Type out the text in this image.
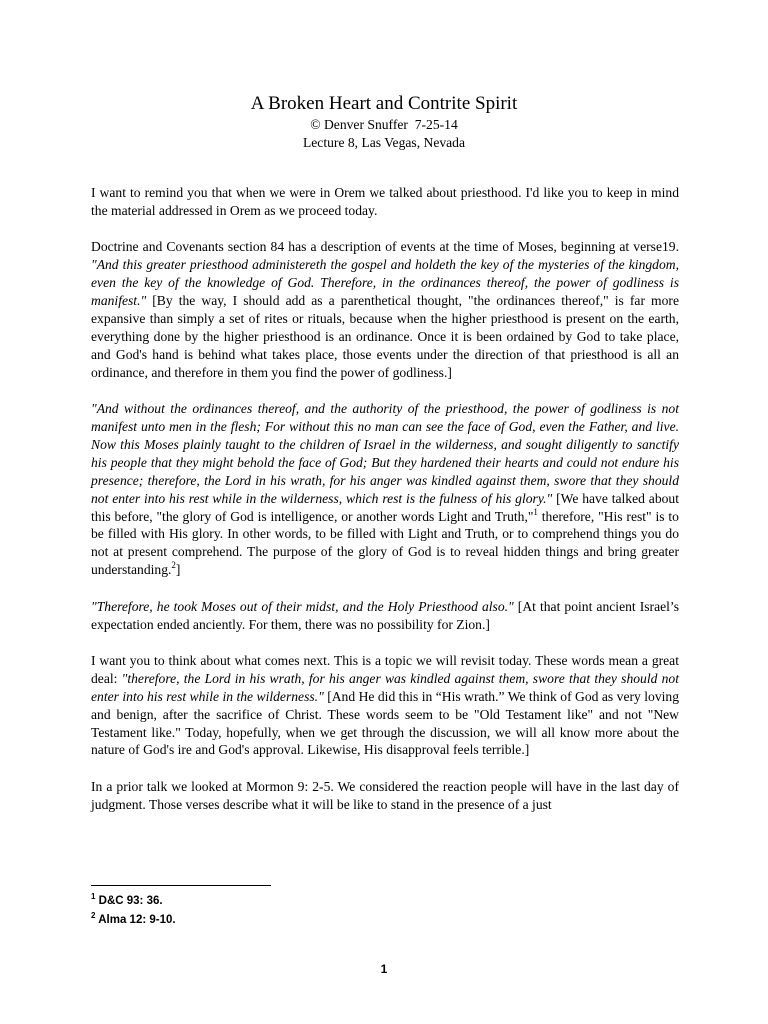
A Broken Heart and Contrite Spirit
© Denver Snuffer  7-25-14
Lecture 8, Las Vegas, Nevada

I want to remind you that when we were in Orem we talked about priesthood. I'd like you to keep in mind the material addressed in Orem as we proceed today.

Doctrine and Covenants section 84 has a description of events at the time of Moses, beginning at verse19. "And this greater priesthood administereth the gospel and holdeth the key of the mysteries of the kingdom, even the key of the knowledge of God. Therefore, in the ordinances thereof, the power of godliness is manifest." [By the way, I should add as a parenthetical thought, "the ordinances thereof," is far more expansive than simply a set of rites or rituals, because when the higher priesthood is present on the earth, everything done by the higher priesthood is an ordinance. Once it is been ordained by God to take place, and God's hand is behind what takes place, those events under the direction of that priesthood is all an ordinance, and therefore in them you find the power of godliness.]

"And without the ordinances thereof, and the authority of the priesthood, the power of godliness is not manifest unto men in the flesh; For without this no man can see the face of God, even the Father, and live. Now this Moses plainly taught to the children of Israel in the wilderness, and sought diligently to sanctify his people that they might behold the face of God; But they hardened their hearts and could not endure his presence; therefore, the Lord in his wrath, for his anger was kindled against them, swore that they should not enter into his rest while in the wilderness, which rest is the fulness of his glory." [We have talked about this before, "the glory of God is intelligence, or another words Light and Truth,"$^1$ therefore, "His rest" is to be filled with His glory. In other words, to be filled with Light and Truth, or to comprehend things you do not at present comprehend. The purpose of the glory of God is to reveal hidden things and bring greater understanding.$^2$]

"Therefore, he took Moses out of their midst, and the Holy Priesthood also." [At that point ancient Israel’s expectation ended anciently. For them, there was no possibility for Zion.]

I want you to think about what comes next. This is a topic we will revisit today. These words mean a great deal: "therefore, the Lord in his wrath, for his anger was kindled against them, swore that they should not enter into his rest while in the wilderness." [And He did this in “His wrath.” We think of God as very loving and benign, after the sacrifice of Christ. These words seem to be "Old Testament like" and not "New Testament like." Today, hopefully, when we get through the discussion, we will all know more about the nature of God's ire and God's approval. Likewise, His disapproval feels terrible.]

In a prior talk we looked at Mormon 9: 2-5. We considered the reaction people will have in the last day of judgment. Those verses describe what it will be like to stand in the presence of a just

$^1$ D&C 93: 36.
$^2$ Alma 12: 9-10.
1
